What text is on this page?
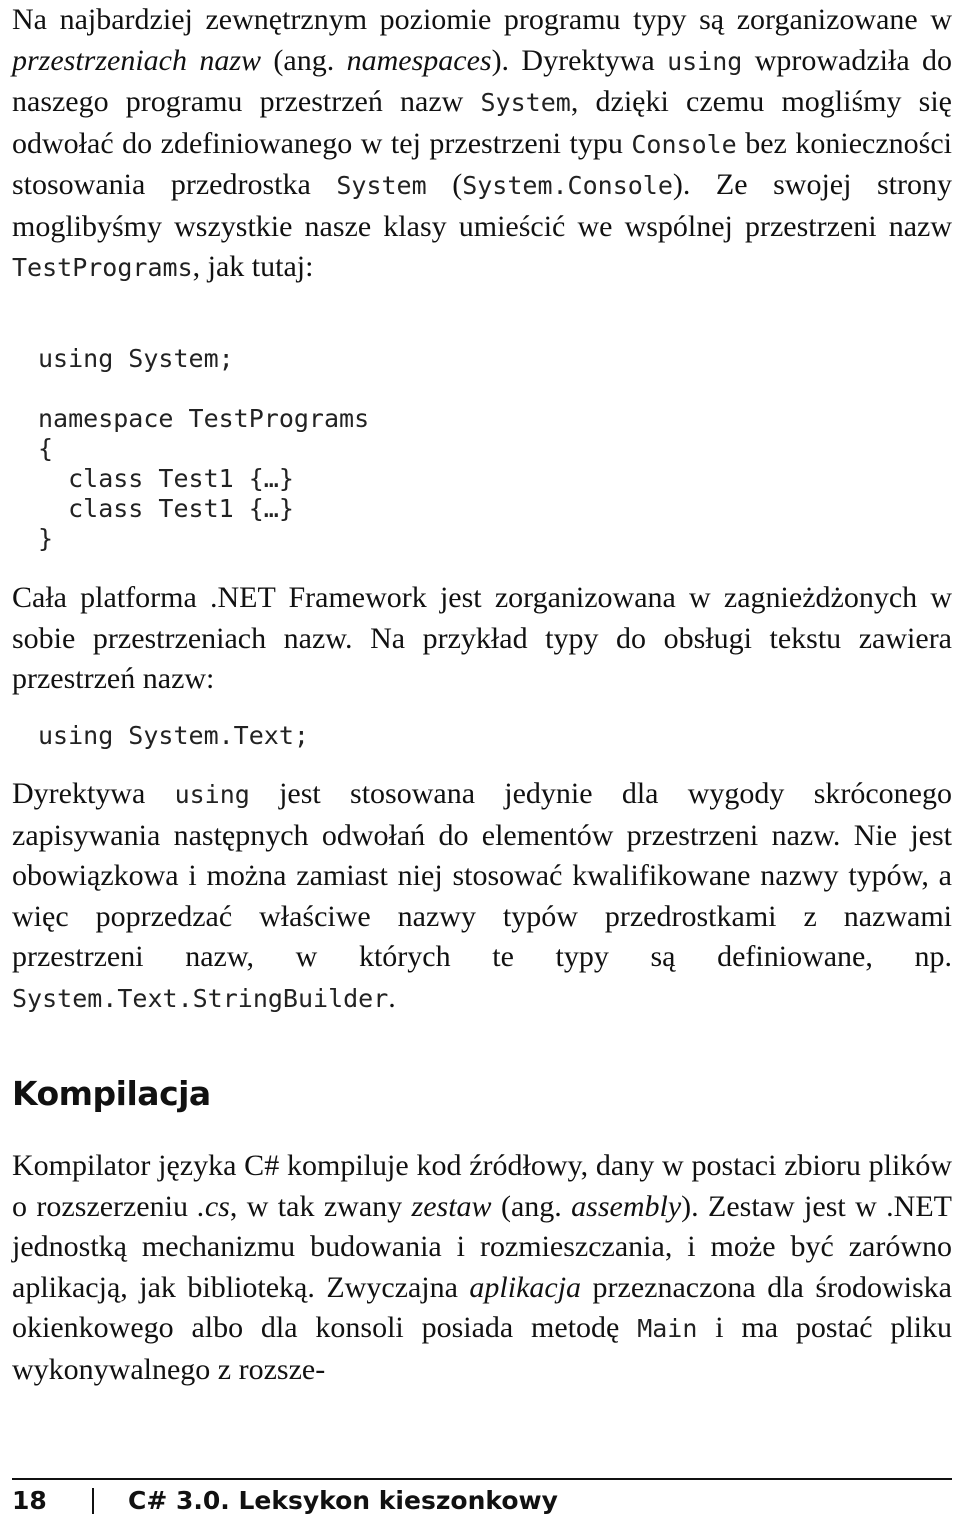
Na najbardziej zewnętrznym poziomie programu typy są zorganizowane w przestrzeniach nazw (ang. namespaces). Dyrektywa using wprowadziła do naszego programu przestrzeń nazw System, dzięki czemu mogliśmy się odwołać do zdefiniowanego w tej przestrzeni typu Console bez konieczności stosowania przedrostka System (System.Console). Ze swojej strony moglibyśmy wszystkie nasze klasy umieścić we wspólnej przestrzeni nazw TestPrograms, jak tutaj:

using System;
namespace TestPrograms
{
class Test1 {…}
class Test1 {…}
}

Cała platforma .NET Framework jest zorganizowana w zagnieżdżonych w sobie przestrzeniach nazw. Na przykład typy do obsługi tekstu zawiera przestrzeń nazw:

using System.Text;

Dyrektywa using jest stosowana jedynie dla wygody skróconego zapisywania następnych odwołań do elementów przestrzeni nazw. Nie jest obowiązkowa i można zamiast niej stosować kwalifikowane nazwy typów, a więc poprzedzać właściwe nazwy typów przedrostkami z nazwami przestrzeni nazw, w których te typy są definiowane, np. System.Text.StringBuilder.

Kompilacja

Kompilator języka C# kompiluje kod źródłowy, dany w postaci zbioru plików o rozszerzeniu .cs, w tak zwany zestaw (ang. assembly). Zestaw jest w .NET jednostką mechanizmu budowania i rozmieszczania, i może być zarówno aplikacją, jak biblioteką. Zwyczajna aplikacja przeznaczona dla środowiska okienkowego albo dla konsoli posiada metodę Main i ma postać pliku wykonywalnego z rozsze-

18	C# 3.0. Leksykon kieszonkowy
